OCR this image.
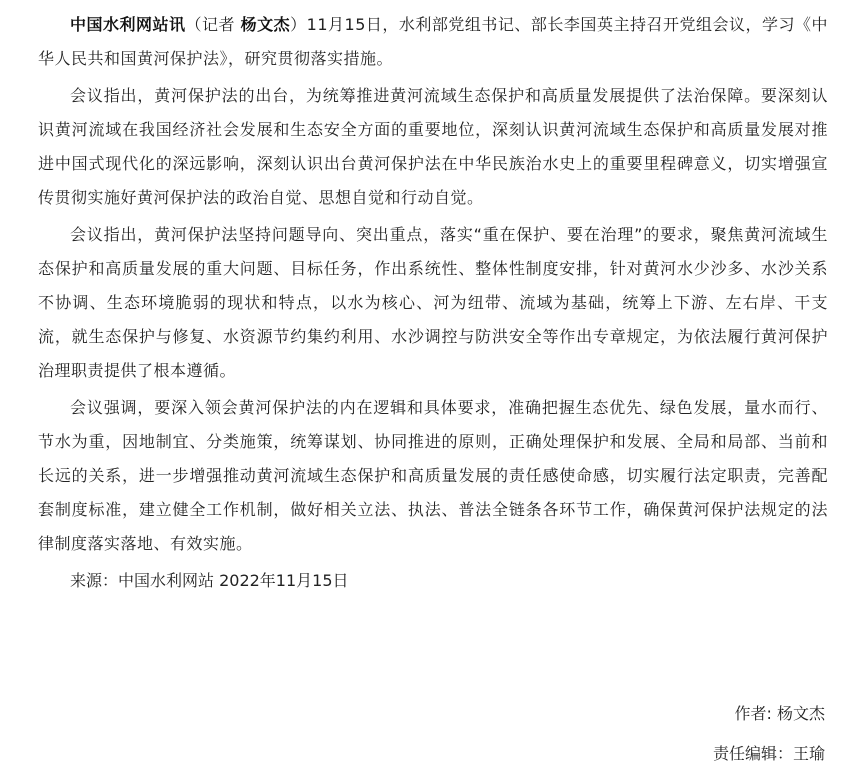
中国水利网站讯（记者 杨文杰）11月15日，水利部党组书记、部长李国英主持召开党组会议，学习《中华人民共和国黄河保护法》，研究贯彻落实措施。

会议指出，黄河保护法的出台，为统筹推进黄河流域生态保护和高质量发展提供了法治保障。要深刻认识黄河流域在我国经济社会发展和生态安全方面的重要地位，深刻认识黄河流域生态保护和高质量发展对推进中国式现代化的深远影响，深刻认识出台黄河保护法在中华民族治水史上的重要里程碑意义，切实增强宣传贯彻实施好黄河保护法的政治自觉、思想自觉和行动自觉。

会议指出，黄河保护法坚持问题导向、突出重点，落实“重在保护、要在治理”的要求，聚焦黄河流域生态保护和高质量发展的重大问题、目标任务，作出系统性、整体性制度安排，针对黄河水少沙多、水沙关系不协调、生态环境脆弱的现状和特点，以水为核心、河为纽带、流域为基础，统筹上下游、左右岸、干支流，就生态保护与修复、水资源节约集约利用、水沙调控与防洪安全等作出专章规定，为依法履行黄河保护治理职责提供了根本遵循。

会议强调，要深入领会黄河保护法的内在逻辑和具体要求，准确把握生态优先、绿色发展，量水而行、节水为重，因地制宜、分类施策，统筹谋划、协同推进的原则，正确处理保护和发展、全局和局部、当前和长远的关系，进一步增强推动黄河流域生态保护和高质量发展的责任感使命感，切实履行法定职责，完善配套制度标准，建立健全工作机制，做好相关立法、执法、普法全链条各环节工作，确保黄河保护法规定的法律制度落实落地、有效实施。

来源：中国水利网站 2022年11月15日

作者: 杨文杰
责任编辑：王瑜
